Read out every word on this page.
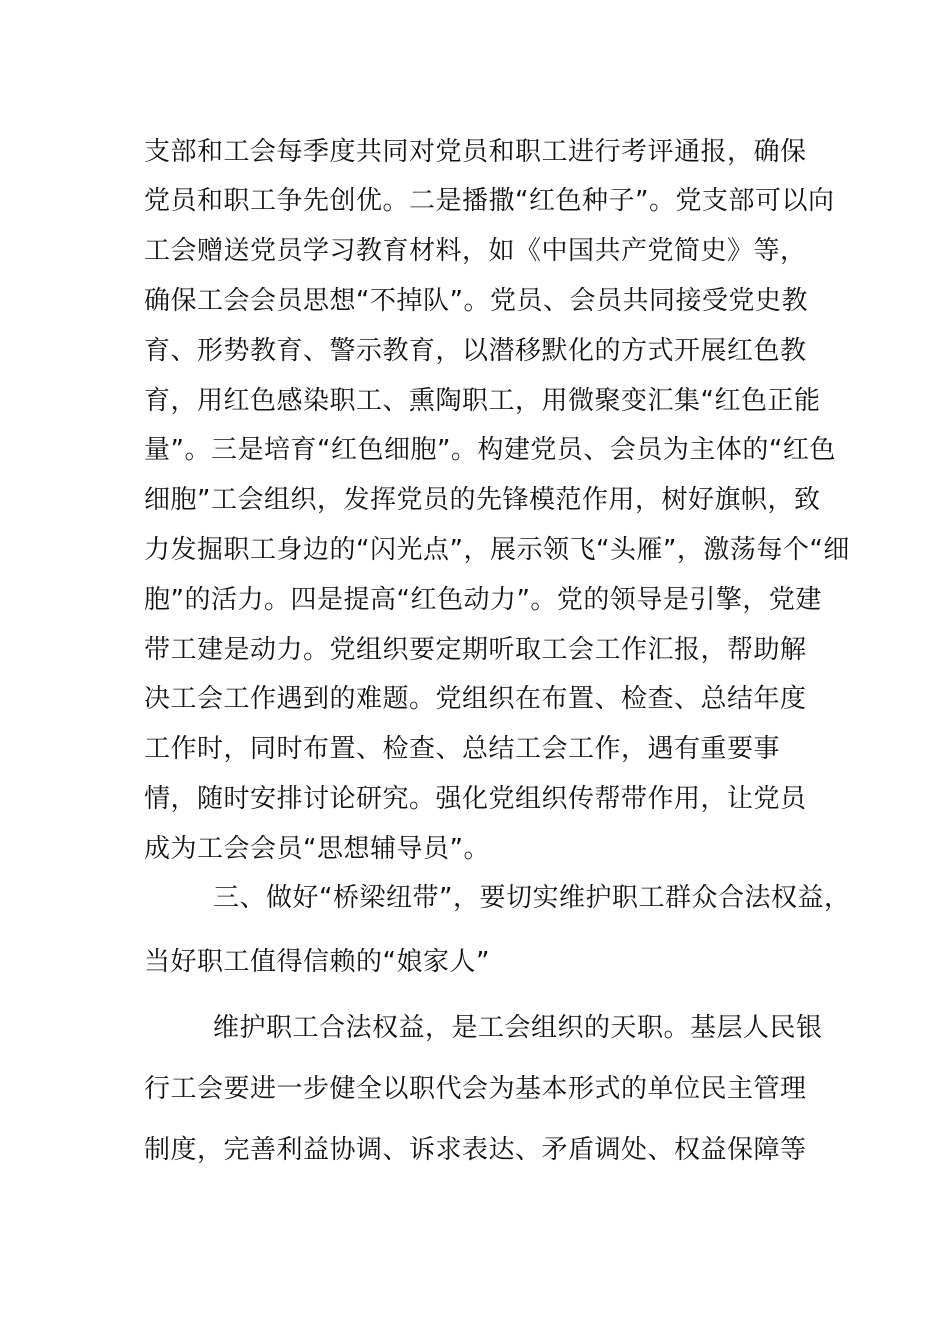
支部和工会每季度共同对党员和职工进行考评通报，确保
党员和职工争先创优。二是播撒“红色种子”。党支部可以向
工会赠送党员学习教育材料，如《中国共产党简史》等，
确保工会会员思想“不掉队”。党员、会员共同接受党史教
育、形势教育、警示教育，以潜移默化的方式开展红色教
育，用红色感染职工、熏陶职工，用微聚变汇集“红色正能
量”。三是培育“红色细胞”。构建党员、会员为主体的“红色
细胞”工会组织，发挥党员的先锋模范作用，树好旗帜，致
力发掘职工身边的“闪光点”，展示领飞“头雁”，激荡每个“细
胞”的活力。四是提高“红色动力”。党的领导是引擎，党建
带工建是动力。党组织要定期听取工会工作汇报，帮助解
决工会工作遇到的难题。党组织在布置、检查、总结年度
工作时，同时布置、检查、总结工会工作，遇有重要事
情，随时安排讨论研究。强化党组织传帮带作用，让党员
成为工会会员“思想辅导员”。
三、做好“桥梁纽带”，要切实维护职工群众合法权益，
当好职工值得信赖的“娘家人”
维护职工合法权益，是工会组织的天职。基层人民银
行工会要进一步健全以职代会为基本形式的单位民主管理
制度，完善利益协调、诉求表达、矛盾调处、权益保障等
